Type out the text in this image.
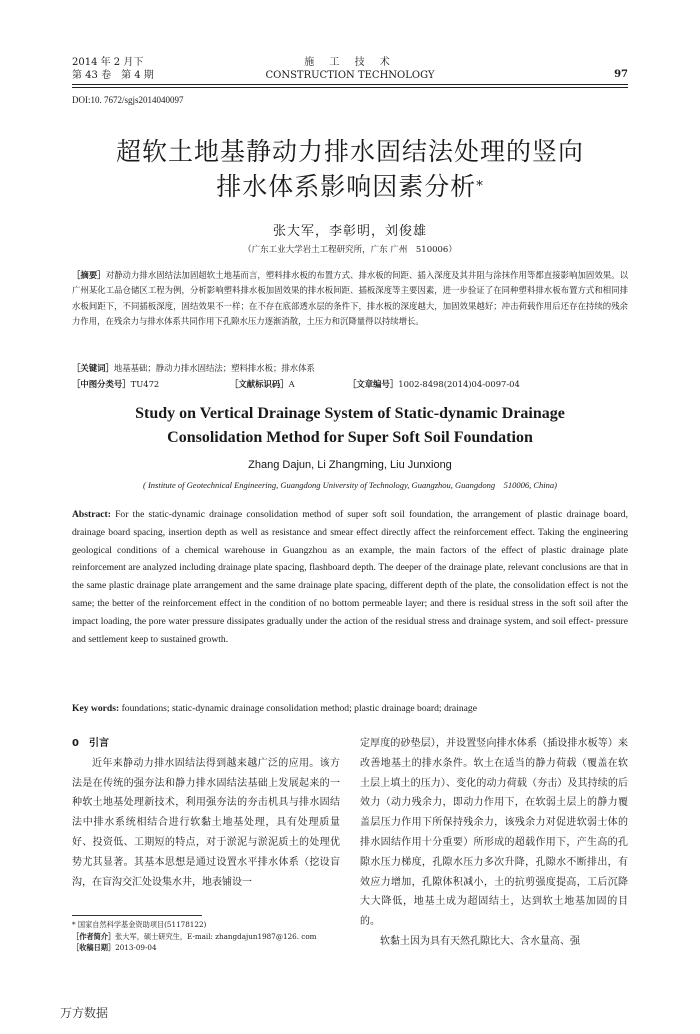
2014 年 2 月下
第 43 卷　第 4 期
施 工 技 术
CONSTRUCTION TECHNOLOGY	97
DOI:10. 7672/sgjs2014040097
超软土地基静动力排水固结法处理的竖向
排水体系影响因素分析*
张大军，李彰明，刘俊雄
（广东工业大学岩土工程研究所，广东 广州　510006）
［摘要］对静动力排水固结法加固超软土地基而言，塑料排水板的布置方式、排水板的间距、插入深度及其井阻与涂抹作用等都直接影响加固效果。以广州某化工品仓储区工程为例，分析影响塑料排水板加固效果的排水板间距、插板深度等主要因素，进一步验证了在同种塑料排水板布置方式和相同排水板间距下，不同插板深度，固结效果不一样；在不存在底部透水层的条件下，排水板的深度越大，加固效果越好；冲击荷载作用后还存在持续的残余力作用，在残余力与排水体系共同作用下孔隙水压力逐渐消散，土压力和沉降量得以持续增长。
［关键词］地基基础；静动力排水固结法；塑料排水板；排水体系
［中图分类号］TU472	［文献标识码］A	［文章编号］1002-8498(2014)04-0097-04
Study on Vertical Drainage System of Static-dynamic Drainage
Consolidation Method for Super Soft Soil Foundation
Zhang Dajun, Li Zhangming, Liu Junxiong
( Institute of Geotechnical Engineering, Guangdong University of Technology, Guangzhou, Guangdong　510006, China)
Abstract: For the static-dynamic drainage consolidation method of super soft soil foundation, the arrangement of plastic drainage board, drainage board spacing, insertion depth as well as resistance and smear effect directly affect the reinforcement effect. Taking the engineering geological conditions of a chemical warehouse in Guangzhou as an example, the main factors of the effect of plastic drainage plate reinforcement are analyzed including drainage plate spacing, flashboard depth. The deeper of the drainage plate, relevant conclusions are that in the same plastic drainage plate arrangement and the same drainage plate spacing, different depth of the plate, the consolidation effect is not the same; the better of the reinforcement effect in the condition of no bottom permeable layer; and there is residual stress in the soft soil after the impact loading, the pore water pressure dissipates gradually under the action of the residual stress and drainage system, and soil effect- pressure and settlement keep to sustained growth.
Key words: foundations; static-dynamic drainage consolidation method; plastic drainage board; drainage
0　引言
近年来静动力排水固结法得到越来越广泛的应用。该方法是在传统的强夯法和静力排水固结法基础上发展起来的一种软土地基处理新技术，利用强夯法的夯击机具与排水固结法中排水系统相结合进行软黏土地基处理，具有处理质量好、投资低、工期短的特点，对于淤泥与淤泥质土的处理优势尤其显著。其基本思想是通过设置水平排水体系（挖设盲沟，在盲沟交汇处设集水井，地表铺设一
定厚度的砂垫层），并设置竖向排水体系（插设排水板等）来改善地基土的排水条件。软土在适当的静力荷载（覆盖在软土层上填土的压力）、变化的动力荷载（夯击）及其持续的后效力（动力残余力，即动力作用下，在软弱土层上的静力覆盖层压力作用下所保持残余力，该残余力对促进软弱士体的排水固结作用十分重要）所形成的超载作用下，产生高的孔隙水压力梯度，孔隙水压力多次升降，孔隙水不断排出，有效应力增加，孔隙体积减小，土的抗剪强度提高，工后沉降大大降低，地基土成为超固结土，达到软土地基加固的目的。
软黏土因为具有天然孔隙比大、含水量高、强
* 国家自然科学基金资助项目(51178122)
［作者简介］张大军，硕士研究生，E-mail: zhangdajun1987@126. com
［收稿日期］2013-09-04
万方数据
